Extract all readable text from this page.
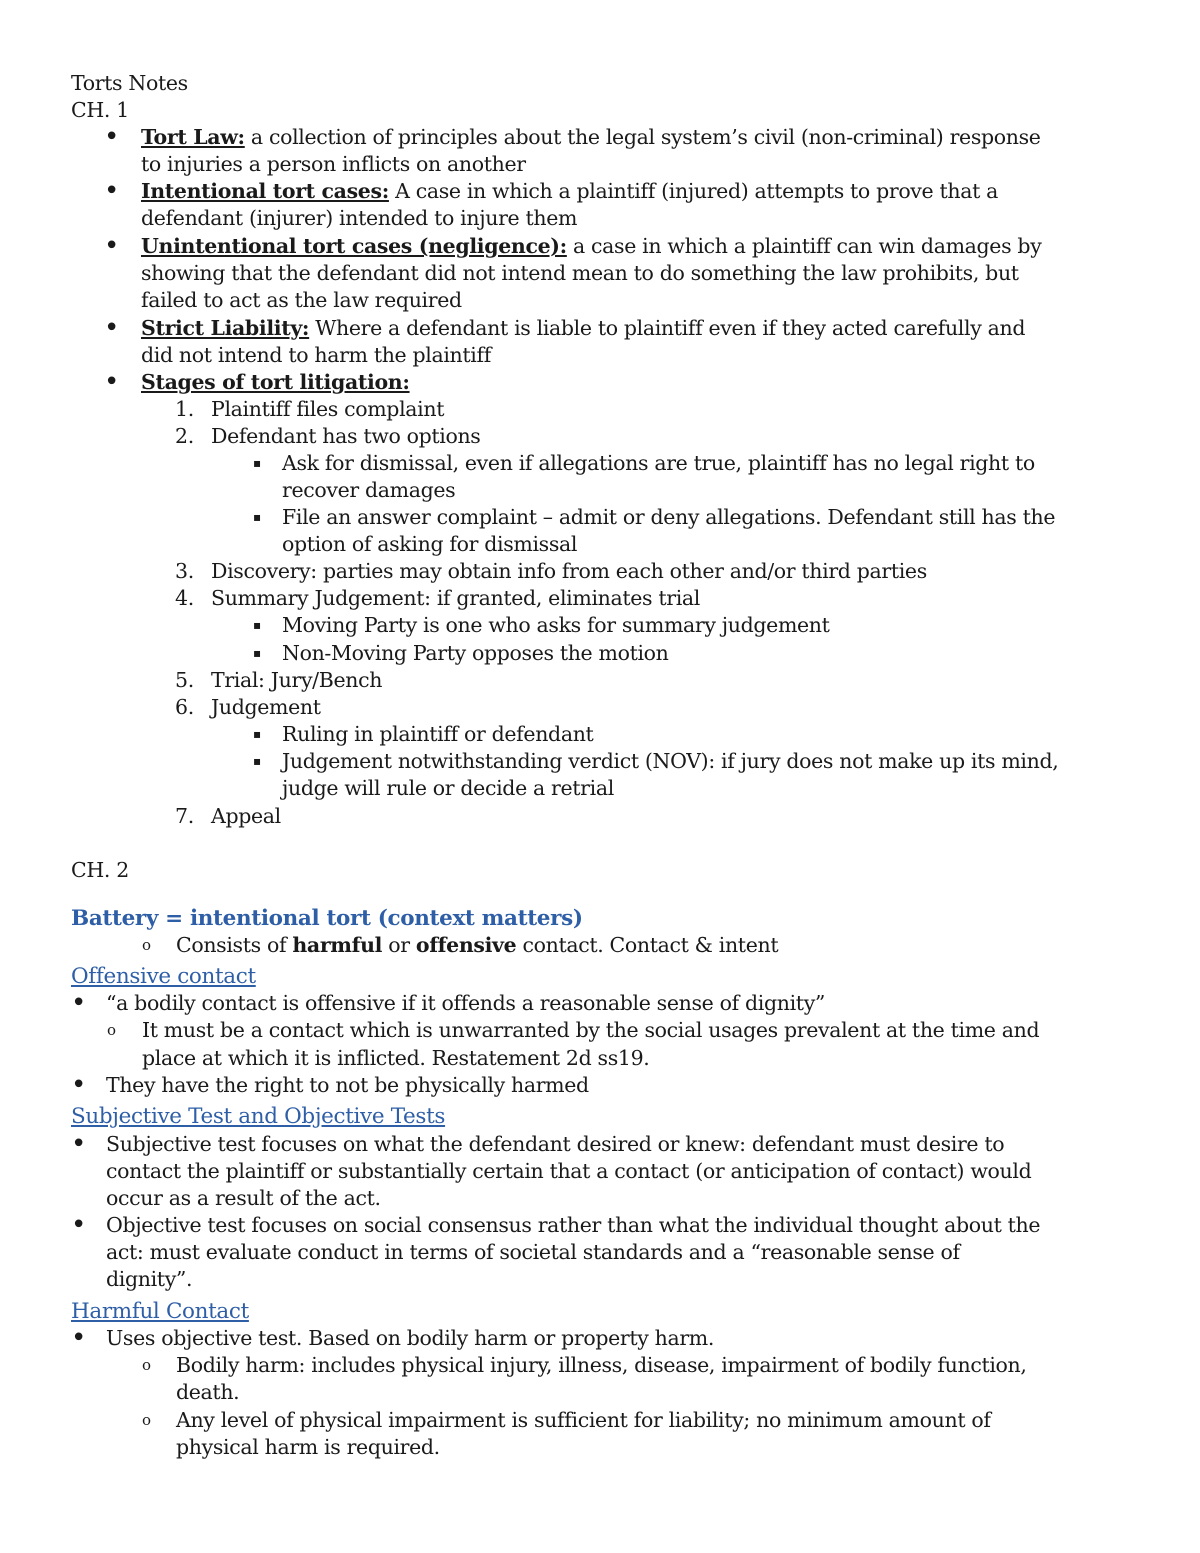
Torts Notes
CH. 1
• Tort Law: a collection of principles about the legal system’s civil (non-criminal) response
to injuries a person inflicts on another
• Intentional tort cases: A case in which a plaintiff (injured) attempts to prove that a
defendant (injurer) intended to injure them
• Unintentional tort cases (negligence): a case in which a plaintiff can win damages by
showing that the defendant did not intend mean to do something the law prohibits, but
failed to act as the law required
• Strict Liability: Where a defendant is liable to plaintiff even if they acted carefully and
did not intend to harm the plaintiff
• Stages of tort litigation:
1. Plaintiff files complaint
2. Defendant has two options
▪ Ask for dismissal, even if allegations are true, plaintiff has no legal right to
recover damages
▪ File an answer complaint – admit or deny allegations. Defendant still has the
option of asking for dismissal
3. Discovery: parties may obtain info from each other and/or third parties
4. Summary Judgement: if granted, eliminates trial
▪ Moving Party is one who asks for summary judgement
▪ Non-Moving Party opposes the motion
5. Trial: Jury/Bench
6. Judgement
▪ Ruling in plaintiff or defendant
▪ Judgement notwithstanding verdict (NOV): if jury does not make up its mind,
judge will rule or decide a retrial
7. Appeal
CH. 2
Battery = intentional tort (context matters)
o Consists of harmful or offensive contact. Contact & intent
Offensive contact
• “a bodily contact is offensive if it offends a reasonable sense of dignity”
o It must be a contact which is unwarranted by the social usages prevalent at the time and
place at which it is inflicted. Restatement 2d ss19.
• They have the right to not be physically harmed
Subjective Test and Objective Tests
• Subjective test focuses on what the defendant desired or knew: defendant must desire to
contact the plaintiff or substantially certain that a contact (or anticipation of contact) would
occur as a result of the act.
• Objective test focuses on social consensus rather than what the individual thought about the
act: must evaluate conduct in terms of societal standards and a “reasonable sense of
dignity”.
Harmful Contact
• Uses objective test. Based on bodily harm or property harm.
o Bodily harm: includes physical injury, illness, disease, impairment of bodily function,
death.
o Any level of physical impairment is sufficient for liability; no minimum amount of
physical harm is required.
